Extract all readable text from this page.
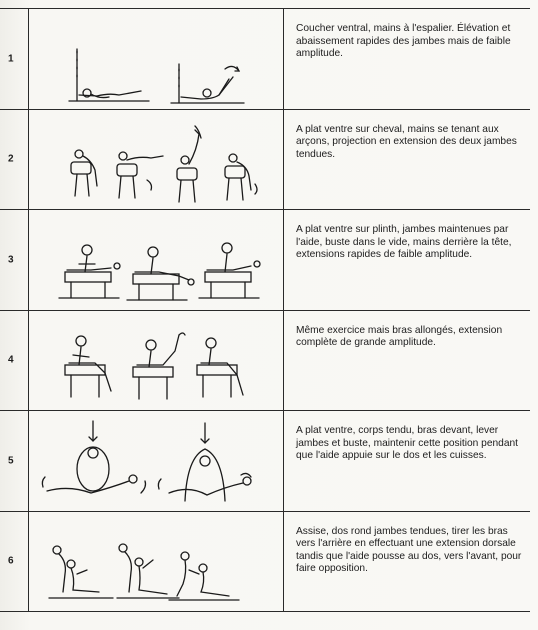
1
Coucher ventral, mains à l'espalier. Élévation et abaissement rapides des jambes mais de faible amplitude.
2
A plat ventre sur cheval, mains se tenant aux arçons, projection en extension des deux jambes tendues.
3
A plat ventre sur plinth, jambes maintenues par l'aide, buste dans le vide, mains derrière la tête, extensions rapides de faible amplitude.
4
Même exercice mais bras allongés, extension complète de grande amplitude.
5
A plat ventre, corps tendu, bras devant, lever jambes et buste, maintenir cette position pendant que l'aide appuie sur le dos et les cuisses.
6
Assise, dos rond jambes tendues, tirer les bras vers l'arrière en effectuant une extension dorsale tandis que l'aide pousse au dos, vers l'avant, pour faire opposition.
